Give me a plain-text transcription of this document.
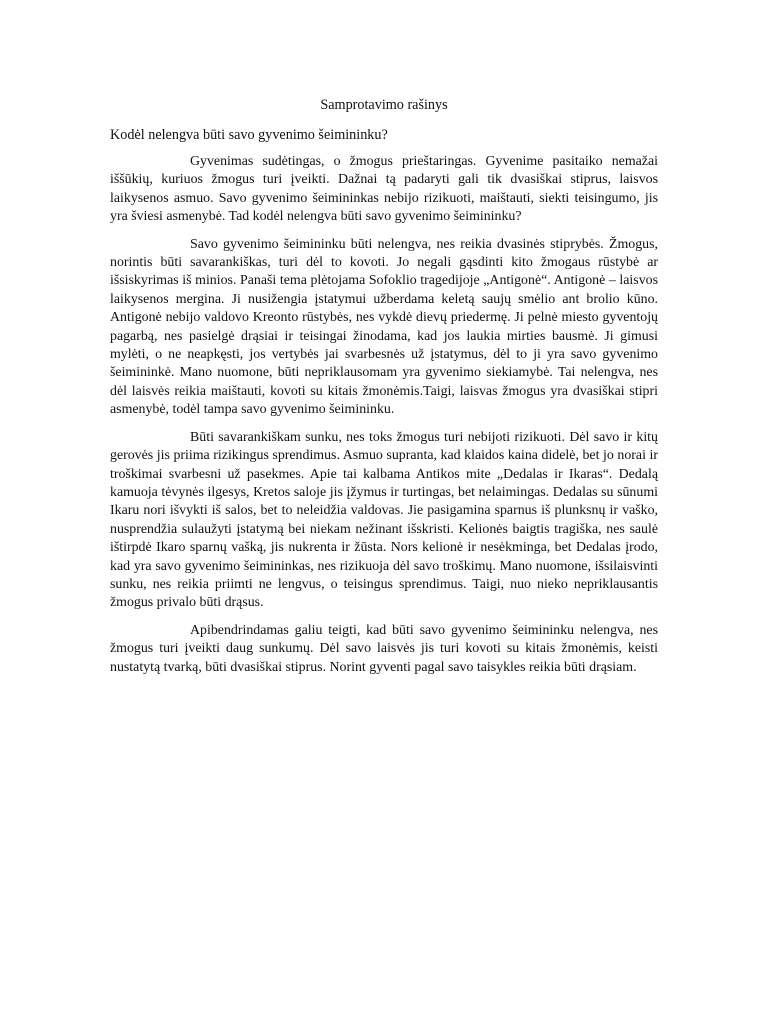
Samprotavimo rašinys
Kodėl nelengva būti savo gyvenimo šeimininku?

Gyvenimas sudėtingas, o žmogus prieštaringas. Gyvenime pasitaiko nemažai iššūkių, kuriuos žmogus turi įveikti. Dažnai tą padaryti gali tik dvasiškai stiprus, laisvos laikysenos asmuo. Savo gyvenimo šeimininkas nebijo rizikuoti, maištauti, siekti teisingumo, jis yra šviesi asmenybė. Tad kodėl nelengva būti savo gyvenimo šeimininku?

Savo gyvenimo šeimininku būti nelengva, nes reikia dvasinės stiprybės. Žmogus, norintis būti savarankiškas, turi dėl to kovoti. Jo negali gąsdinti kito žmogaus rūstybė ar išsiskyrimas iš minios. Panaši tema plėtojama Sofoklio tragedijoje „Antigonė“. Antigonė – laisvos laikysenos mergina. Ji nusižengia įstatymui užberdama keletą saujų smėlio ant brolio kūno. Antigonė nebijo valdovo Kreonto rūstybės, nes vykdė dievų priedermę. Ji pelnė miesto gyventojų pagarbą, nes pasielgė drąsiai ir teisingai žinodama, kad jos laukia mirties bausmė. Ji gimusi mylėti, o ne neapkęsti, jos vertybės jai svarbesnės už įstatymus, dėl to ji yra savo gyvenimo šeimininkė. Mano nuomone, būti nepriklausomam yra gyvenimo siekiamybė. Tai nelengva, nes dėl laisvės reikia maištauti, kovoti su kitais žmonėmis.Taigi, laisvas žmogus yra dvasiškai stipri asmenybė, todėl tampa savo gyvenimo šeimininku.

Būti savarankiškam sunku, nes toks žmogus turi nebijoti rizikuoti. Dėl savo ir kitų gerovės jis priima rizikingus sprendimus. Asmuo supranta, kad klaidos kaina didelė, bet jo norai ir troškimai svarbesni už pasekmes. Apie tai kalbama Antikos mite „Dedalas ir Ikaras“. Dedalą kamuoja tėvynės ilgesys, Kretos saloje jis įžymus ir turtingas, bet nelaimingas. Dedalas su sūnumi Ikaru nori išvykti iš salos, bet to neleidžia valdovas. Jie pasigamina sparnus iš plunksnų ir vaško, nusprendžia sulaužyti įstatymą bei niekam nežinant išskristi. Kelionės baigtis tragiška, nes saulė ištirpdė Ikaro sparnų vašką, jis nukrenta ir žūsta. Nors kelionė ir nesėkminga, bet Dedalas įrodo, kad yra savo gyvenimo šeimininkas, nes rizikuoja dėl savo troškimų. Mano nuomone, išsilaisvinti sunku, nes reikia priimti ne lengvus, o teisingus sprendimus. Taigi, nuo nieko nepriklausantis žmogus privalo būti drąsus.

Apibendrindamas galiu teigti, kad būti savo gyvenimo šeimininku nelengva, nes žmogus turi įveikti daug sunkumų. Dėl savo laisvės jis turi kovoti su kitais žmonėmis, keisti nustatytą tvarką, būti dvasiškai stiprus. Norint gyventi pagal savo taisykles reikia būti drąsiam.
